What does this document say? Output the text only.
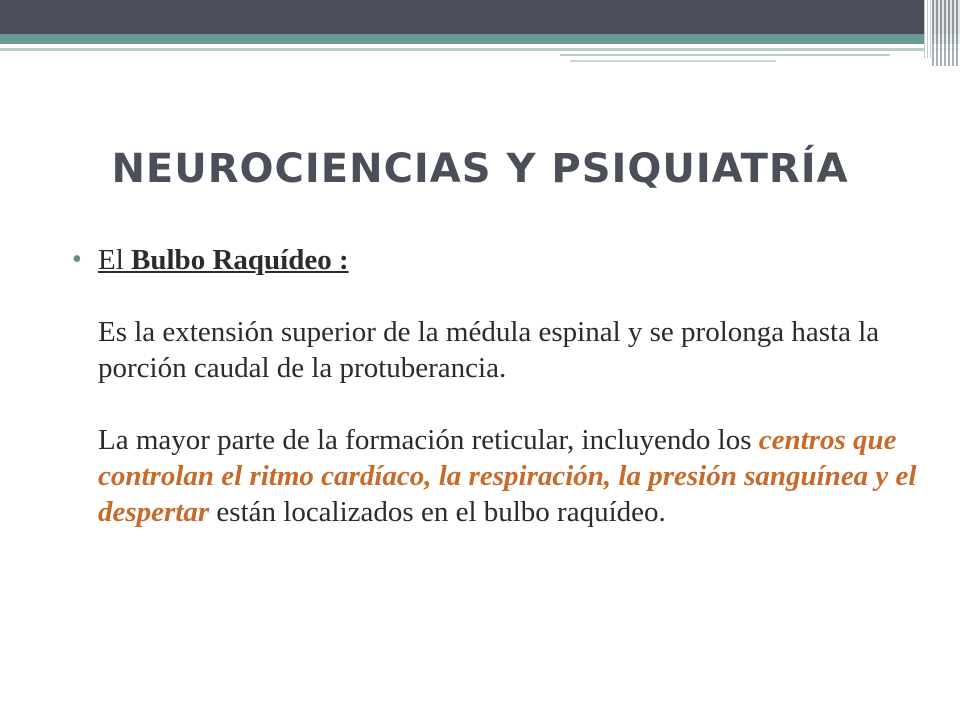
NEUROCIENCIAS Y PSIQUIATRÍA
• El Bulbo Raquídeo :
Es la extensión superior de la médula espinal y se prolonga hasta la porción caudal de la protuberancia.
La mayor parte de la formación reticular, incluyendo los centros que controlan el ritmo cardíaco, la respiración, la presión sanguínea y el despertar están localizados en el bulbo raquídeo.
